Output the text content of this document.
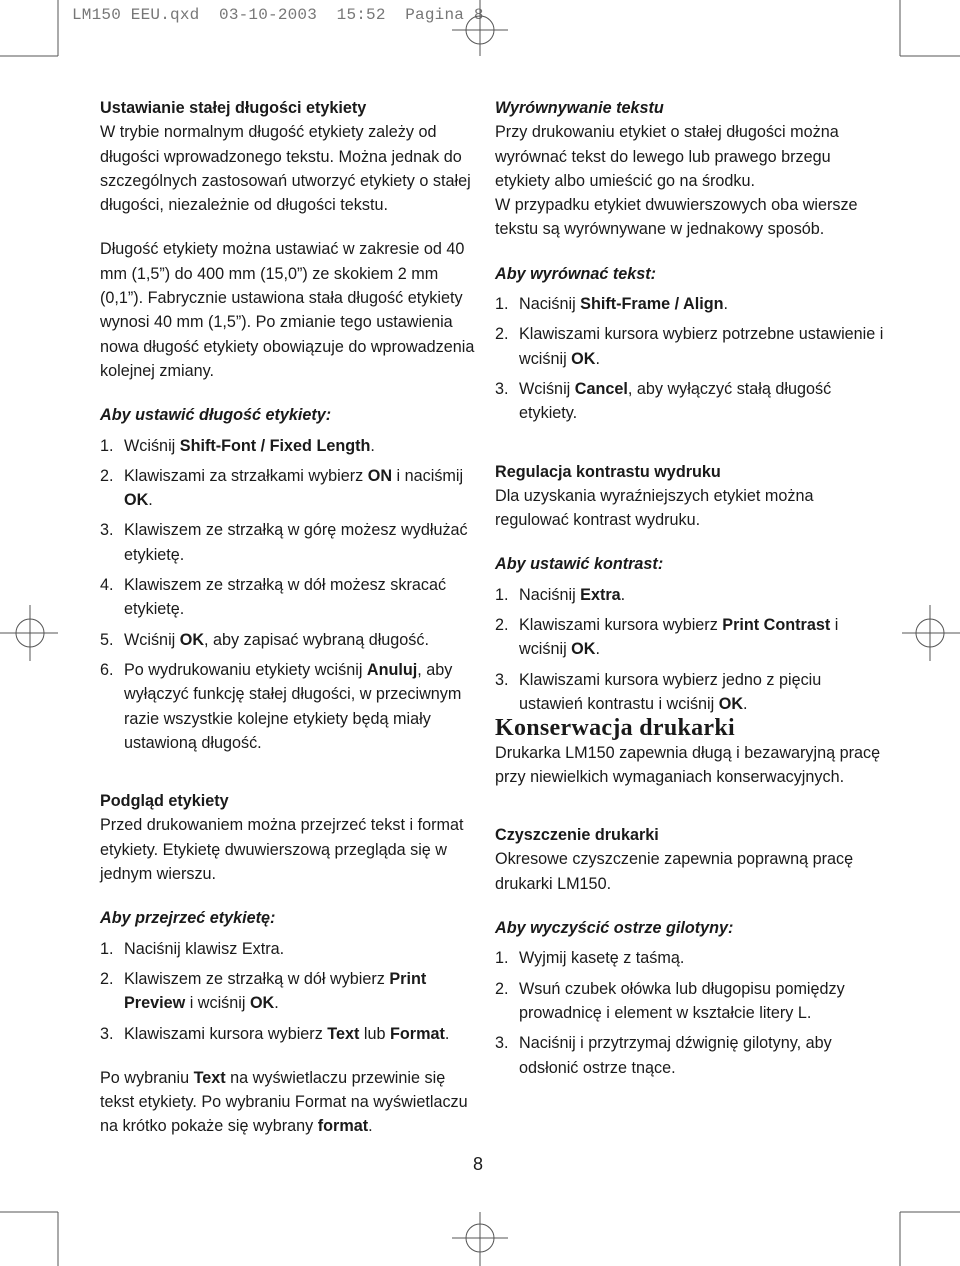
LM150 EEU.qxd  03-10-2003  15:52  Pagina 8

Ustawianie stałej długości etykiety

W trybie normalnym długość etykiety zależy od długości wprowadzonego tekstu. Można jednak do szczególnych zastosowań utworzyć etykiety o stałej długości, niezależnie od długości tekstu.

Długość etykiety można ustawiać w zakresie od 40 mm (1,5”) do 400 mm (15,0”) ze skokiem 2 mm (0,1”). Fabrycznie ustawiona stała długość etykiety wynosi 40 mm (1,5”). Po zmianie tego ustawienia nowa długość etykiety obowiązuje do wprowadzenia kolejnej zmiany.

Aby ustawić długość etykiety:

1. Wciśnij Shift-Font / Fixed Length.
2. Klawiszami za strzałkami wybierz ON i naciśmij OK.
3. Klawiszem ze strzałką w górę możesz wydłużać etykietę.
4. Klawiszem ze strzałką w dół możesz skracać etykietę.
5. Wciśnij OK, aby zapisać wybraną długość.
6. Po wydrukowaniu etykiety wciśnij Anuluj, aby wyłączyć funkcję stałej długości, w przeciwnym razie wszystkie kolejne etykiety będą miały ustawioną długość.

Podgląd etykiety

Przed drukowaniem można przejrzeć tekst i format etykiety. Etykietę dwuwierszową przegląda się w jednym wierszu.

Aby przejrzeć etykietę:

1. Naciśnij klawisz Extra.
2. Klawiszem ze strzałką w dół wybierz Print Preview i wciśnij OK.
3. Klawiszami kursora wybierz Text lub Format.

Po wybraniu Text na wyświetlaczu przewinie się tekst etykiety. Po wybraniu Format na wyświetlaczu na krótko pokaże się wybrany format.

Wyrównywanie tekstu

Przy drukowaniu etykiet o stałej długości można wyrównać tekst do lewego lub prawego brzegu etykiety albo umieścić go na środku.

W przypadku etykiet dwuwierszowych oba wiersze tekstu są wyrównywane w jednakowy sposób.

Aby wyrównać tekst:

1. Naciśnij Shift-Frame / Align.
2. Klawiszami kursora wybierz potrzebne ustawienie i wciśnij OK.
3. Wciśnij Cancel, aby wyłączyć stałą długość etykiety.

Regulacja kontrastu wydruku

Dla uzyskania wyraźniejszych etykiet można regulować kontrast wydruku.

Aby ustawić kontrast:

1. Naciśnij Extra.
2. Klawiszami kursora wybierz Print Contrast i wciśnij OK.
3. Klawiszami kursora wybierz jedno z pięciu ustawień kontrastu i wciśnij OK.

Konserwacja drukarki

Drukarka LM150 zapewnia długą i bezawaryjną pracę przy niewielkich wymaganiach konserwacyjnych.

Czyszczenie drukarki

Okresowe czyszczenie zapewnia poprawną pracę drukarki LM150.

Aby wyczyścić ostrze gilotyny:

1. Wyjmij kasetę z taśmą.
2. Wsuń czubek ołówka lub długopisu pomiędzy prowadnicę i element w kształcie litery L.
3. Naciśnij i przytrzymaj dźwignię gilotyny, aby odsłonić ostrze tnące.
8
